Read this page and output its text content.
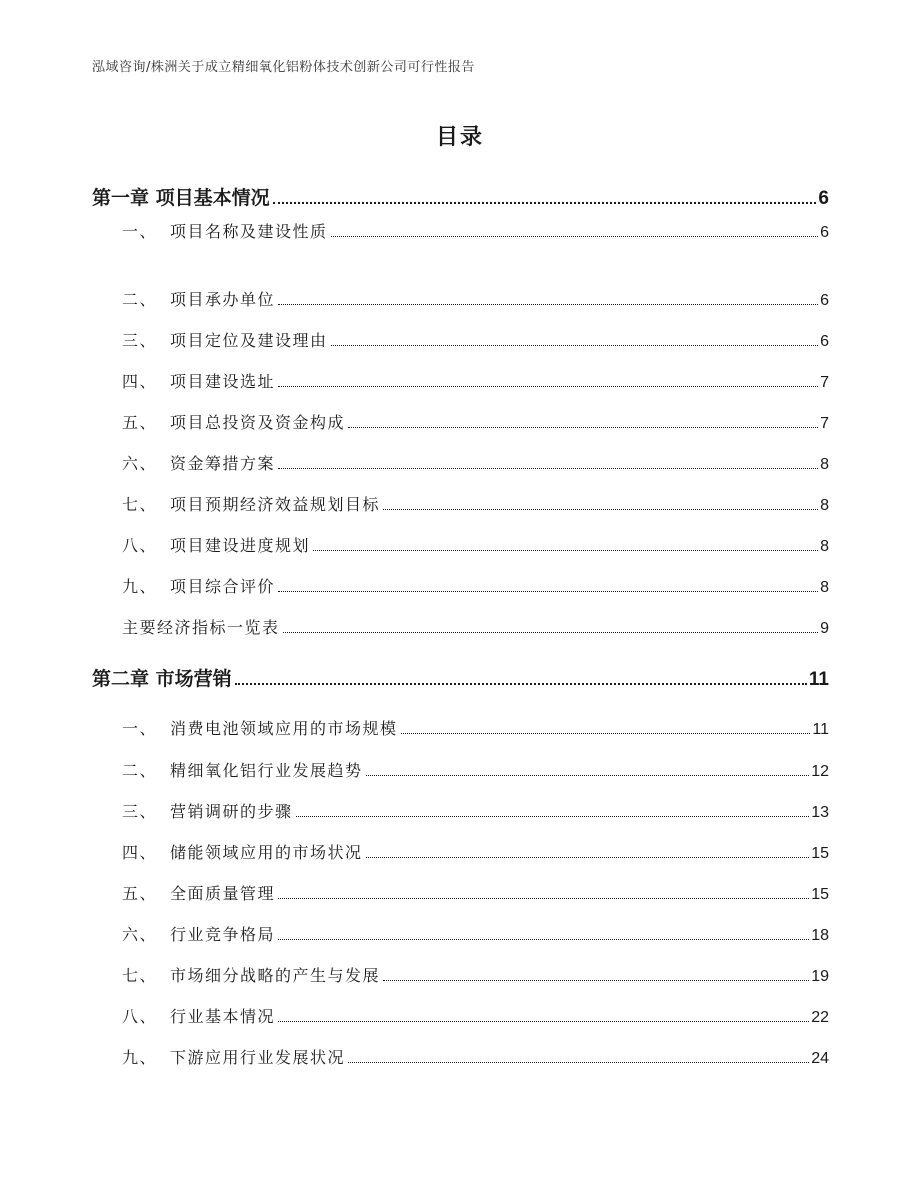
泓域咨询/株洲关于成立精细氧化铝粉体技术创新公司可行性报告
目录
第一章 项目基本情况	6
一、 项目名称及建设性质	6
二、 项目承办单位	6
三、 项目定位及建设理由	6
四、 项目建设选址	7
五、 项目总投资及资金构成	7
六、 资金筹措方案	8
七、 项目预期经济效益规划目标	8
八、 项目建设进度规划	8
九、 项目综合评价	8
主要经济指标一览表	9
第二章 市场营销	11
一、 消费电池领域应用的市场规模	11
二、 精细氧化铝行业发展趋势	12
三、 营销调研的步骤	13
四、 储能领域应用的市场状况	15
五、 全面质量管理	15
六、 行业竞争格局	18
七、 市场细分战略的产生与发展	19
八、 行业基本情况	22
九、 下游应用行业发展状况	24
